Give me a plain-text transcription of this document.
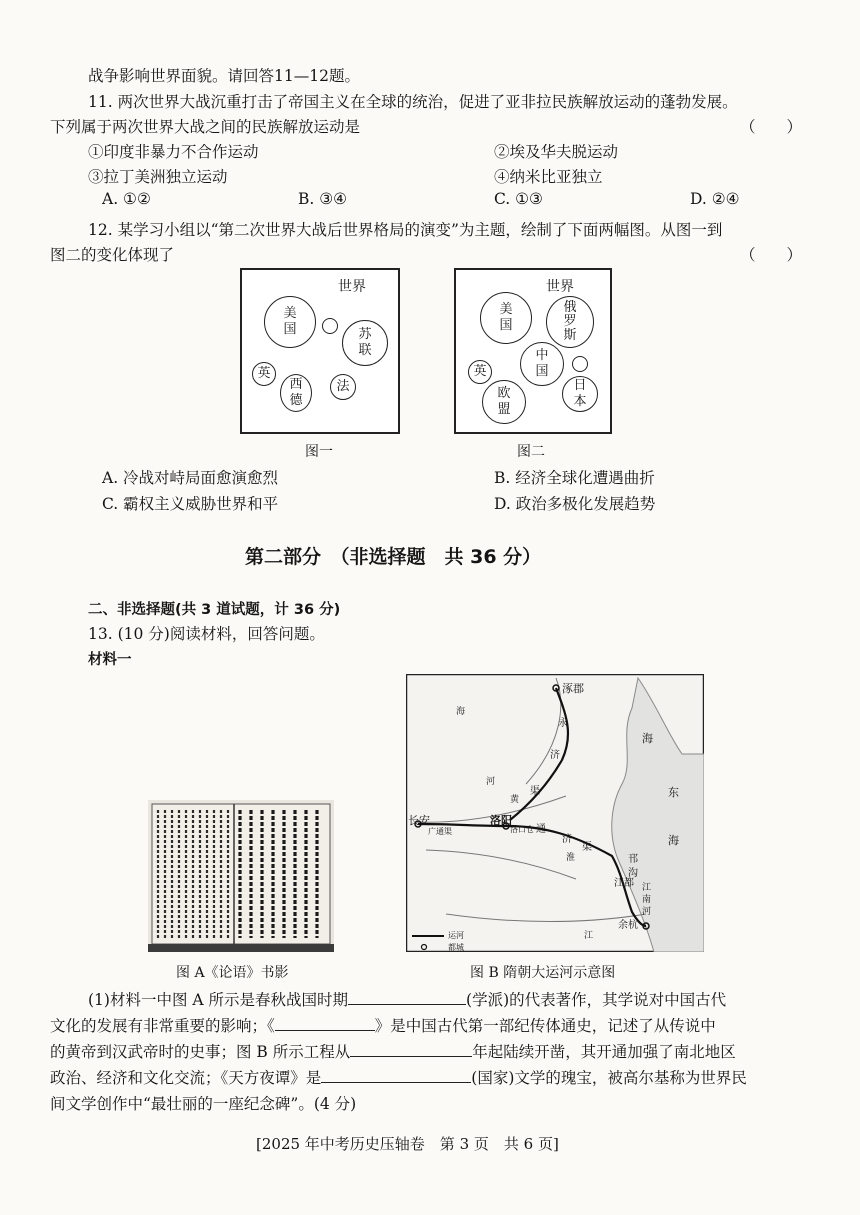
战争影响世界面貌。请回答11—12题。
11. 两次世界大战沉重打击了帝国主义在全球的统治，促进了亚非拉民族解放运动的蓬勃发展。
下列属于两次世界大战之间的民族解放运动是	（　　）
①印度非暴力不合作运动	②埃及华夫脱运动
③拉丁美洲独立运动	④纳米比亚独立
A. ①②	B. ③④	C. ①③	D. ②④
12. 某学习小组以“第二次世界大战后世界格局的演变”为主题，绘制了下面两幅图。从图一到
图二的变化体现了	（　　）
世界
美
国	苏
联
英
西
德
法
图一
世界
美
国
俄
罗
斯
英
中
国
欧
盟
日
本
图二
A. 冷战对峙局面愈演愈烈	B. 经济全球化遭遇曲折
C. 霸权主义威胁世界和平	D. 政治多极化发展趋势
第二部分　（非选择题　共 36 分）
二、非选择题(共 3 道试题，计 36 分)
13. (10 分)阅读材料，回答问题。
材料一
图 A《论语》书影
涿郡
长安	洛阳
洛口仓
广通渠
江都
余杭
永
济
渠
通
济
渠
邗
沟
江
南
河
海
河
黄
淮
江
海
东
海
运河
都城
图 B 隋朝大运河示意图
(1)材料一中图 A 所示是春秋战国时期	(学派)的代表著作，其学说对中国古代
文化的发展有非常重要的影响；《	》是中国古代第一部纪传体通史，记述了从传说中
的黄帝到汉武帝时的史事；图 B 所示工程从	年起陆续开凿，其开通加强了南北地区
政治、经济和文化交流；《天方夜谭》是	(国家)文学的瑰宝，被高尔基称为世界民
间文学创作中“最壮丽的一座纪念碑”。(4 分)
[2025 年中考历史压轴卷　第 3 页　共 6 页]
